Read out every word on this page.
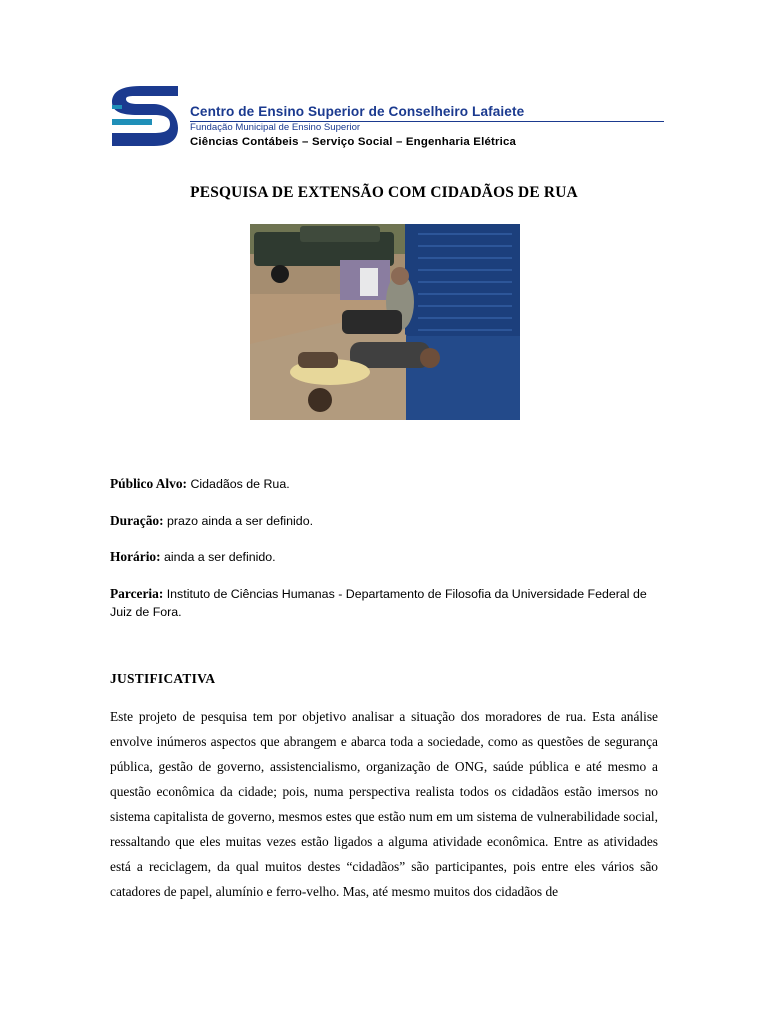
Centro de Ensino Superior de Conselheiro Lafaiete
Fundação Municipal de Ensino Superior
Ciências Contábeis – Serviço Social – Engenharia Elétrica
PESQUISA DE EXTENSÃO COM CIDADÃOS DE RUA
Público Alvo: Cidadãos de Rua.
Duração: prazo ainda a ser definido.
Horário: ainda a ser definido.
Parceria: Instituto de Ciências Humanas - Departamento de Filosofia da Universidade Federal de Juiz de Fora.
JUSTIFICATIVA
Este projeto de pesquisa tem por objetivo analisar a situação dos moradores de rua. Esta análise envolve inúmeros aspectos que abrangem e abarca toda a sociedade, como as questões de segurança pública, gestão de governo, assistencialismo, organização de ONG, saúde pública e até mesmo a questão econômica da cidade; pois, numa perspectiva realista todos os cidadãos estão imersos no sistema capitalista de governo, mesmos estes que estão num em um sistema de vulnerabilidade social, ressaltando que eles muitas vezes estão ligados a alguma atividade econômica. Entre as atividades está a reciclagem, da qual muitos destes “cidadãos” são participantes, pois entre eles vários são catadores de papel, alumínio e ferro-velho. Mas, até mesmo muitos dos cidadãos de
